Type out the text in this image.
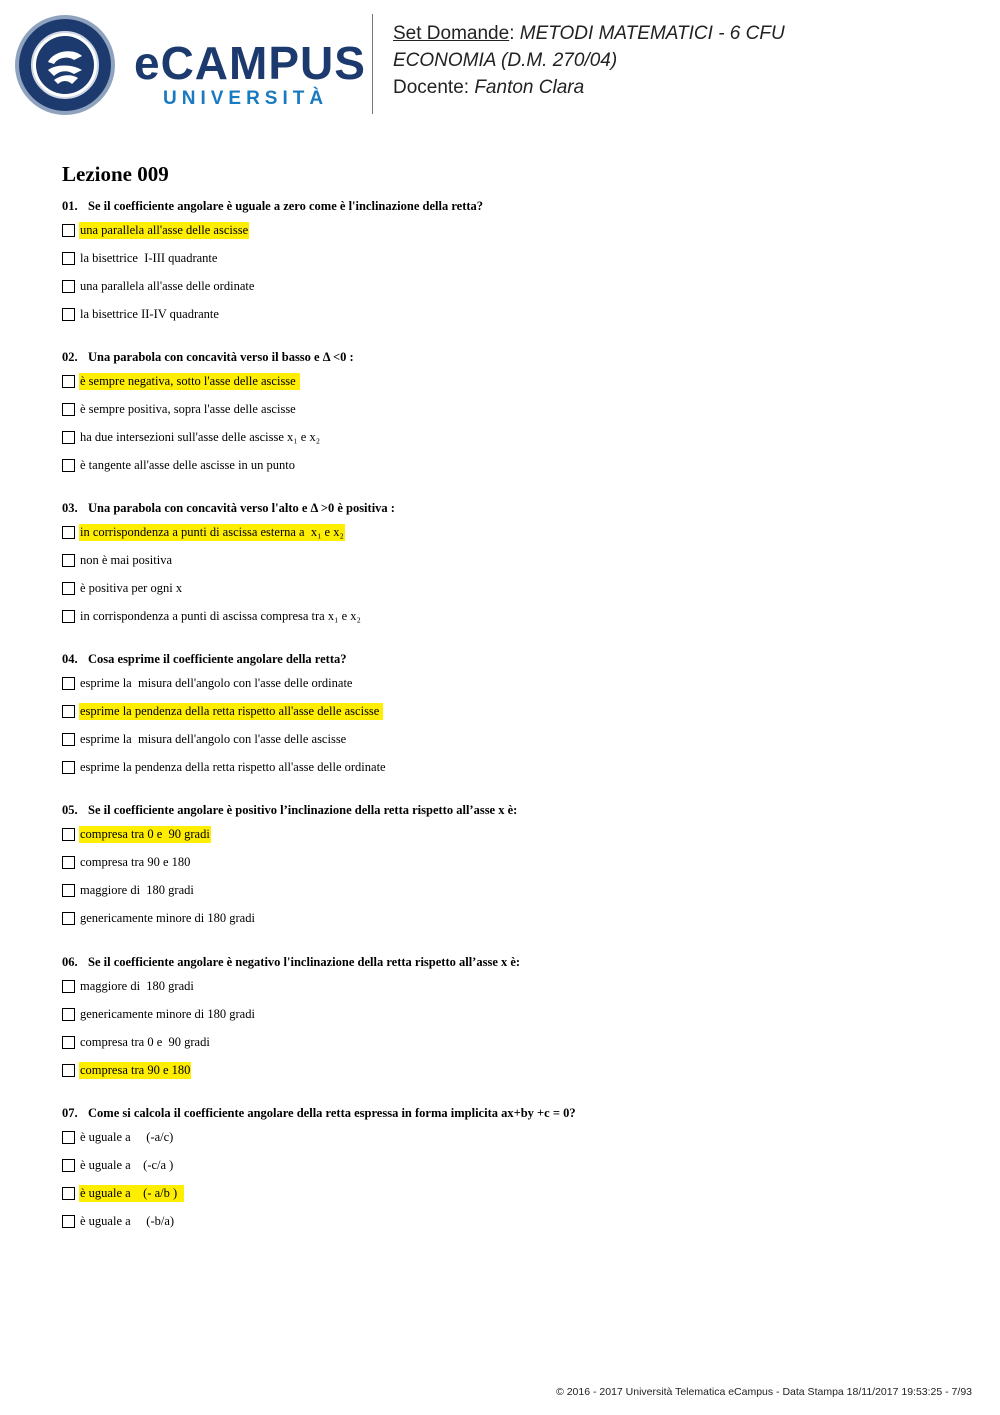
eCAMPUS
UNIVERSITÀ
Set Domande: METODI MATEMATICI - 6 CFU
ECONOMIA (D.M. 270/04)
Docente: Fanton Clara
Lezione 009
01. Se il coefficiente angolare è uguale a zero come è l'inclinazione della retta?
una parallela all'asse delle ascisse
la bisettrice  I-III quadrante
una parallela all'asse delle ordinate
la bisettrice II-IV quadrante
02. Una parabola con concavità verso il basso e Δ <0 :
è sempre negativa, sotto l'asse delle ascisse
è sempre positiva, sopra l'asse delle ascisse
ha due intersezioni sull'asse delle ascisse x₁ e x₂
è tangente all'asse delle ascisse in un punto
03. Una parabola con concavità verso l'alto e Δ >0 è positiva :
in corrispondenza a punti di ascissa esterna a  x₁ e x₂
non è mai positiva
è positiva per ogni x
in corrispondenza a punti di ascissa compresa tra x₁ e x₂
04. Cosa esprime il coefficiente angolare della retta?
esprime la  misura dell'angolo con l'asse delle ordinate
esprime la pendenza della retta rispetto all'asse delle ascisse
esprime la  misura dell'angolo con l'asse delle ascisse
esprime la pendenza della retta rispetto all'asse delle ordinate
05. Se il coefficiente angolare è positivo l’inclinazione della retta rispetto all’asse x è:
compresa tra 0 e  90 gradi
compresa tra 90 e 180
maggiore di  180 gradi
genericamente minore di 180 gradi
06. Se il coefficiente angolare è negativo l'inclinazione della retta rispetto all’asse x è:
maggiore di  180 gradi
genericamente minore di 180 gradi
compresa tra 0 e  90 gradi
compresa tra 90 e 180
07. Come si calcola il coefficiente angolare della retta espressa in forma implicita ax+by +c = 0?
è uguale a     (-a/c)
è uguale a    (-c/a )
è uguale a    (- a/b )
è uguale a     (-b/a)
© 2016 - 2017 Università Telematica eCampus - Data Stampa 18/11/2017 19:53:25 - 7/93
